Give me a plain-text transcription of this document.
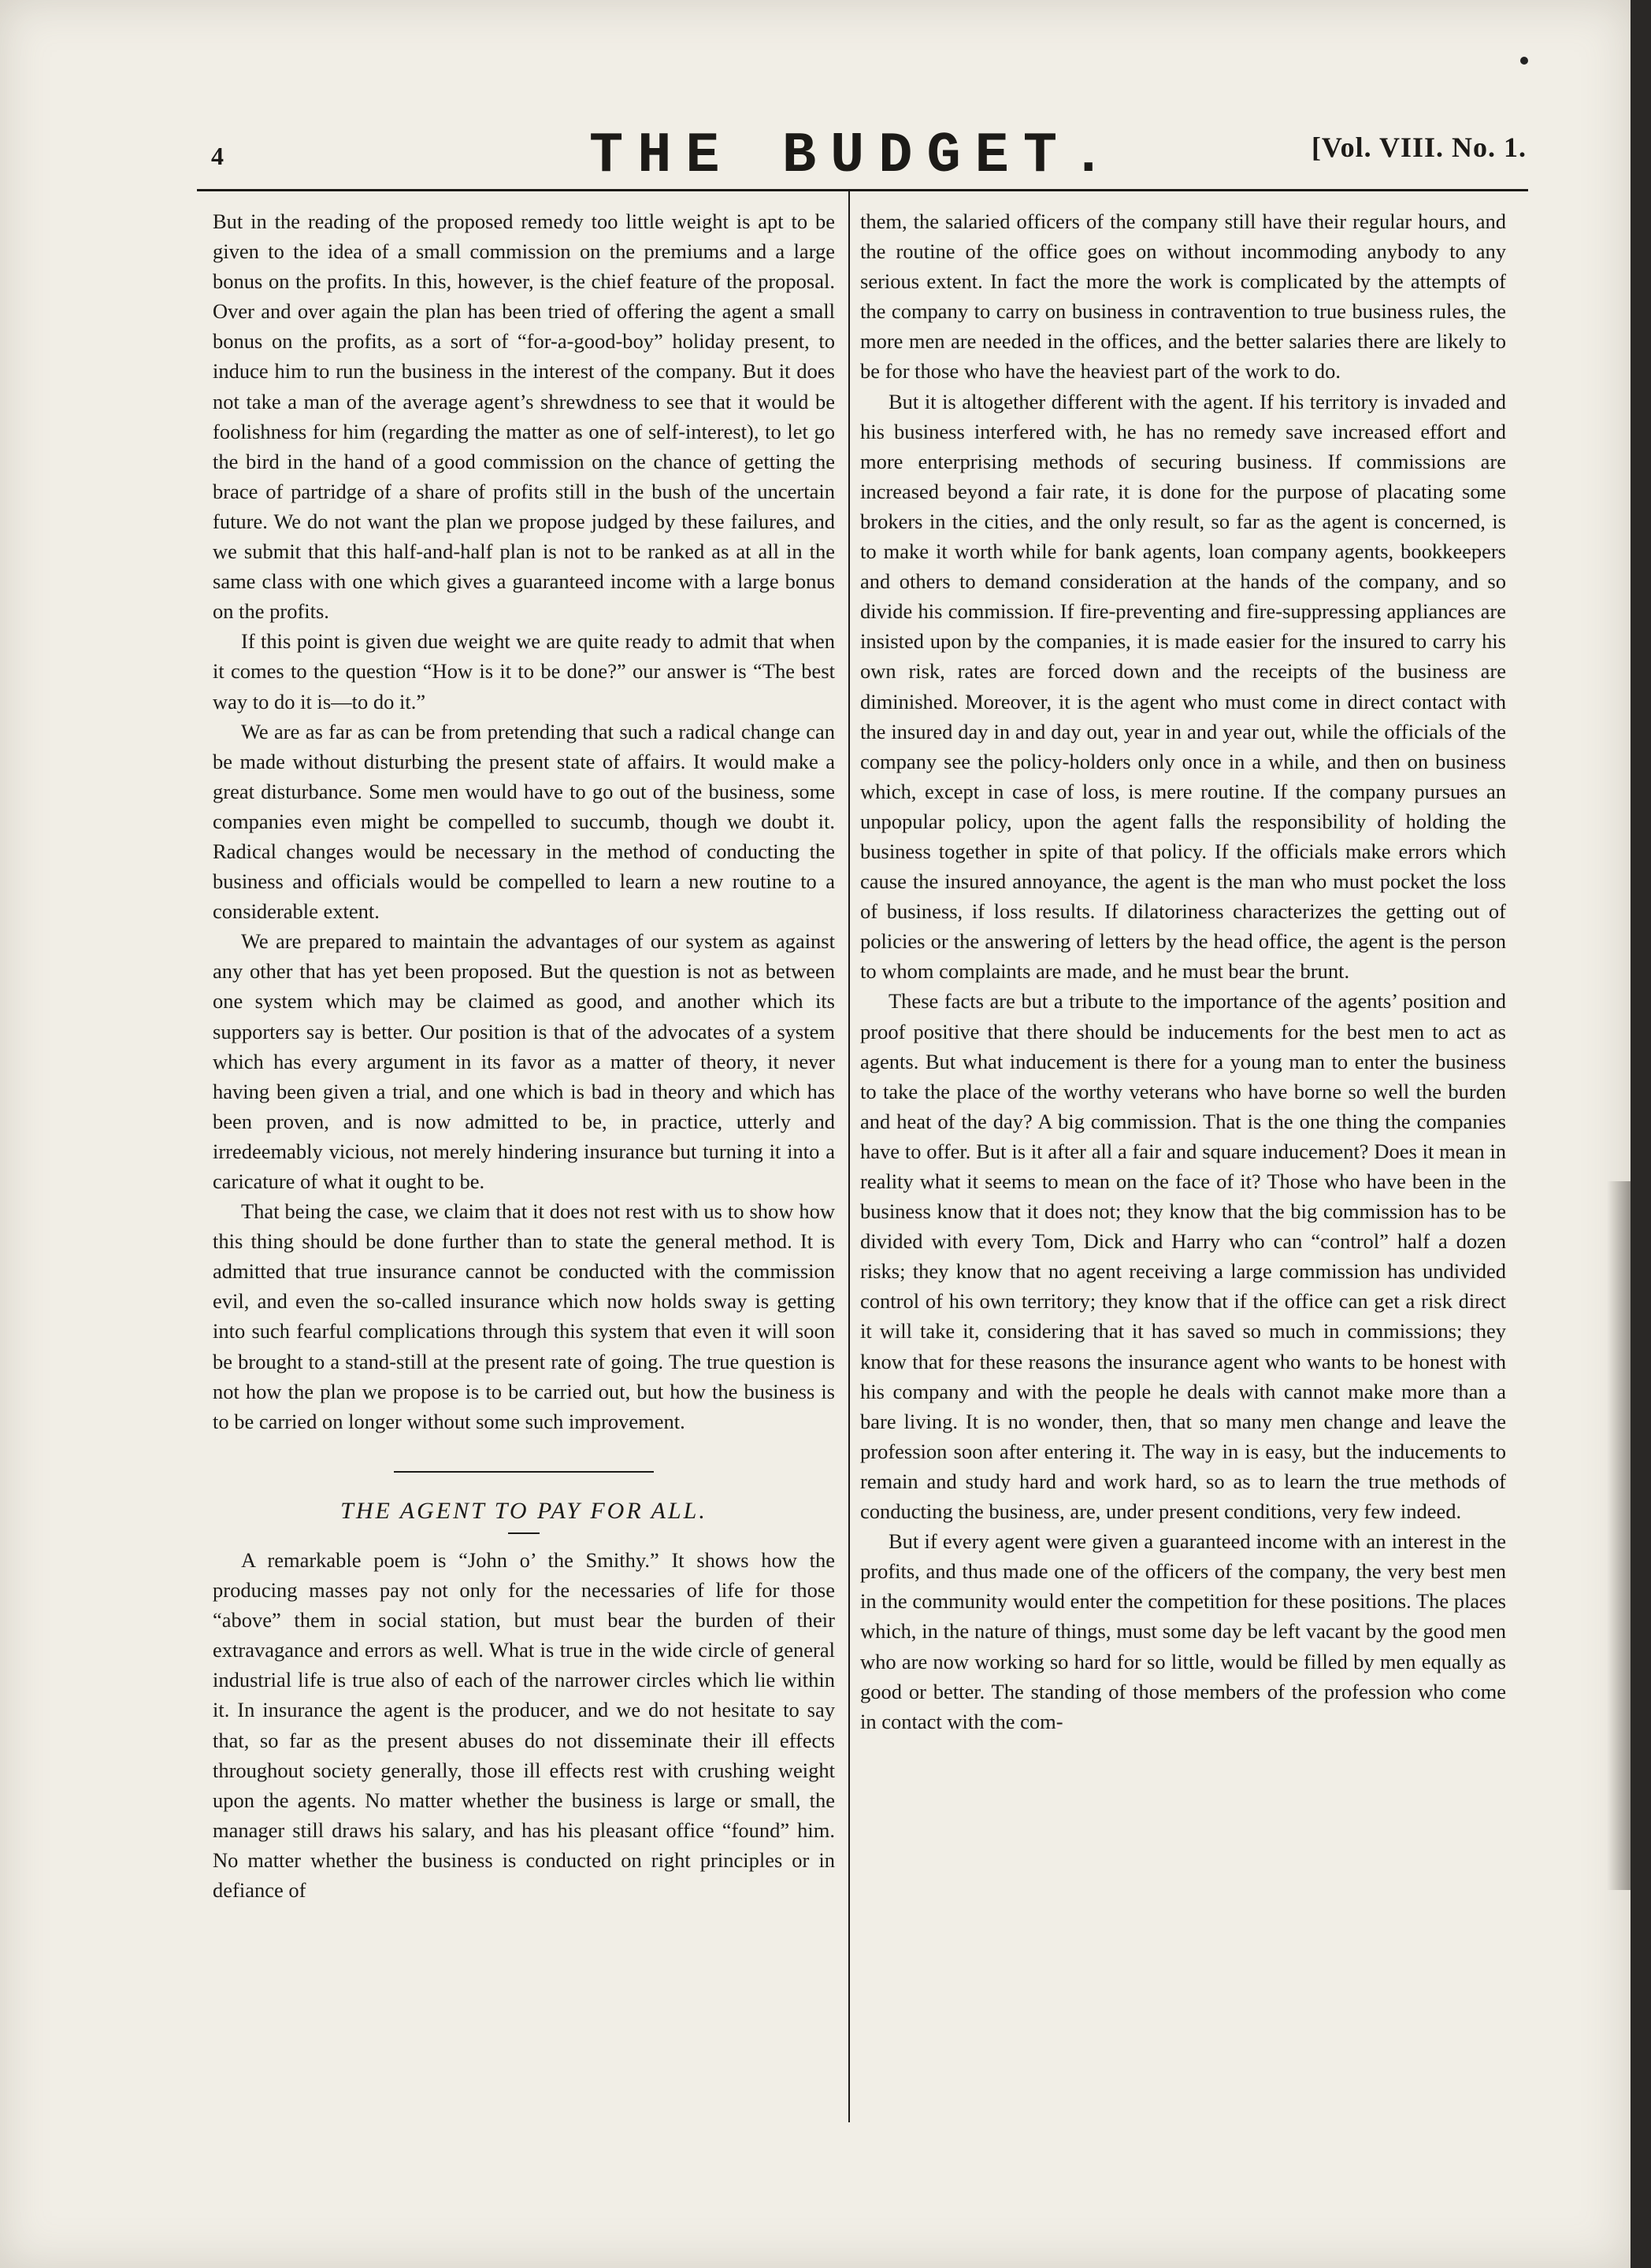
4	THE BUDGET.	[Vol. VIII. No. 1.

But in the reading of the proposed remedy too little weight is apt to be given to the idea of a small commission on the premiums and a large bonus on the profits. In this, however, is the chief feature of the proposal. Over and over again the plan has been tried of offering the agent a small bonus on the profits, as a sort of “for-a-good-boy” holiday present, to induce him to run the business in the interest of the company. But it does not take a man of the average agent’s shrewdness to see that it would be foolishness for him (regarding the matter as one of self-interest), to let go the bird in the hand of a good commission on the chance of getting the brace of partridge of a share of profits still in the bush of the uncertain future. We do not want the plan we propose judged by these failures, and we submit that this half-and-half plan is not to be ranked as at all in the same class with one which gives a guaranteed income with a large bonus on the profits.

If this point is given due weight we are quite ready to admit that when it comes to the question “How is it to be done?” our answer is “The best way to do it is—to do it.”

We are as far as can be from pretending that such a radical change can be made without disturbing the present state of affairs. It would make a great disturbance. Some men would have to go out of the business, some companies even might be compelled to succumb, though we doubt it. Radical changes would be necessary in the method of conducting the business and officials would be compelled to learn a new routine to a considerable extent.

We are prepared to maintain the advantages of our system as against any other that has yet been proposed. But the question is not as between one system which may be claimed as good, and another which its supporters say is better. Our position is that of the advocates of a system which has every argument in its favor as a matter of theory, it never having been given a trial, and one which is bad in theory and which has been proven, and is now admitted to be, in practice, utterly and irredeemably vicious, not merely hindering insurance but turning it into a caricature of what it ought to be.

That being the case, we claim that it does not rest with us to show how this thing should be done further than to state the general method. It is admitted that true insurance cannot be conducted with the commission evil, and even the so-called insurance which now holds sway is getting into such fearful complications through this system that even it will soon be brought to a stand-still at the present rate of going. The true question is not how the plan we propose is to be carried out, but how the business is to be carried on longer without some such improvement.

THE AGENT TO PAY FOR ALL.

A remarkable poem is “John o’ the Smithy.” It shows how the producing masses pay not only for the necessaries of life for those “above” them in social station, but must bear the burden of their extravagance and errors as well. What is true in the wide circle of general industrial life is true also of each of the narrower circles which lie within it. In insurance the agent is the producer, and we do not hesitate to say that, so far as the present abuses do not disseminate their ill effects throughout society generally, those ill effects rest with crushing weight upon the agents. No matter whether the business is large or small, the manager still draws his salary, and has his pleasant office “found” him. No matter whether the business is conducted on right principles or in defiance of

them, the salaried officers of the company still have their regular hours, and the routine of the office goes on without incommoding anybody to any serious extent. In fact the more the work is complicated by the attempts of the company to carry on business in contravention to true business rules, the more men are needed in the offices, and the better salaries there are likely to be for those who have the heaviest part of the work to do.

But it is altogether different with the agent. If his territory is invaded and his business interfered with, he has no remedy save increased effort and more enterprising methods of securing business. If commissions are increased beyond a fair rate, it is done for the purpose of placating some brokers in the cities, and the only result, so far as the agent is concerned, is to make it worth while for bank agents, loan company agents, bookkeepers and others to demand consideration at the hands of the company, and so divide his commission. If fire-preventing and fire-suppressing appliances are insisted upon by the companies, it is made easier for the insured to carry his own risk, rates are forced down and the receipts of the business are diminished. Moreover, it is the agent who must come in direct contact with the insured day in and day out, year in and year out, while the officials of the company see the policy-holders only once in a while, and then on business which, except in case of loss, is mere routine. If the company pursues an unpopular policy, upon the agent falls the responsibility of holding the business together in spite of that policy. If the officials make errors which cause the insured annoyance, the agent is the man who must pocket the loss of business, if loss results. If dilatoriness characterizes the getting out of policies or the answering of letters by the head office, the agent is the person to whom complaints are made, and he must bear the brunt.

These facts are but a tribute to the importance of the agents’ position and proof positive that there should be inducements for the best men to act as agents. But what inducement is there for a young man to enter the business to take the place of the worthy veterans who have borne so well the burden and heat of the day? A big commission. That is the one thing the companies have to offer. But is it after all a fair and square inducement? Does it mean in reality what it seems to mean on the face of it? Those who have been in the business know that it does not; they know that the big commission has to be divided with every Tom, Dick and Harry who can “control” half a dozen risks; they know that no agent receiving a large commission has undivided control of his own territory; they know that if the office can get a risk direct it will take it, considering that it has saved so much in commissions; they know that for these reasons the insurance agent who wants to be honest with his company and with the people he deals with cannot make more than a bare living. It is no wonder, then, that so many men change and leave the profession soon after entering it. The way in is easy, but the inducements to remain and study hard and work hard, so as to learn the true methods of conducting the business, are, under present conditions, very few indeed.

But if every agent were given a guaranteed income with an interest in the profits, and thus made one of the officers of the company, the very best men in the community would enter the competition for these positions. The places which, in the nature of things, must some day be left vacant by the good men who are now working so hard for so little, would be filled by men equally as good or better. The standing of those members of the profession who come in contact with the com-
